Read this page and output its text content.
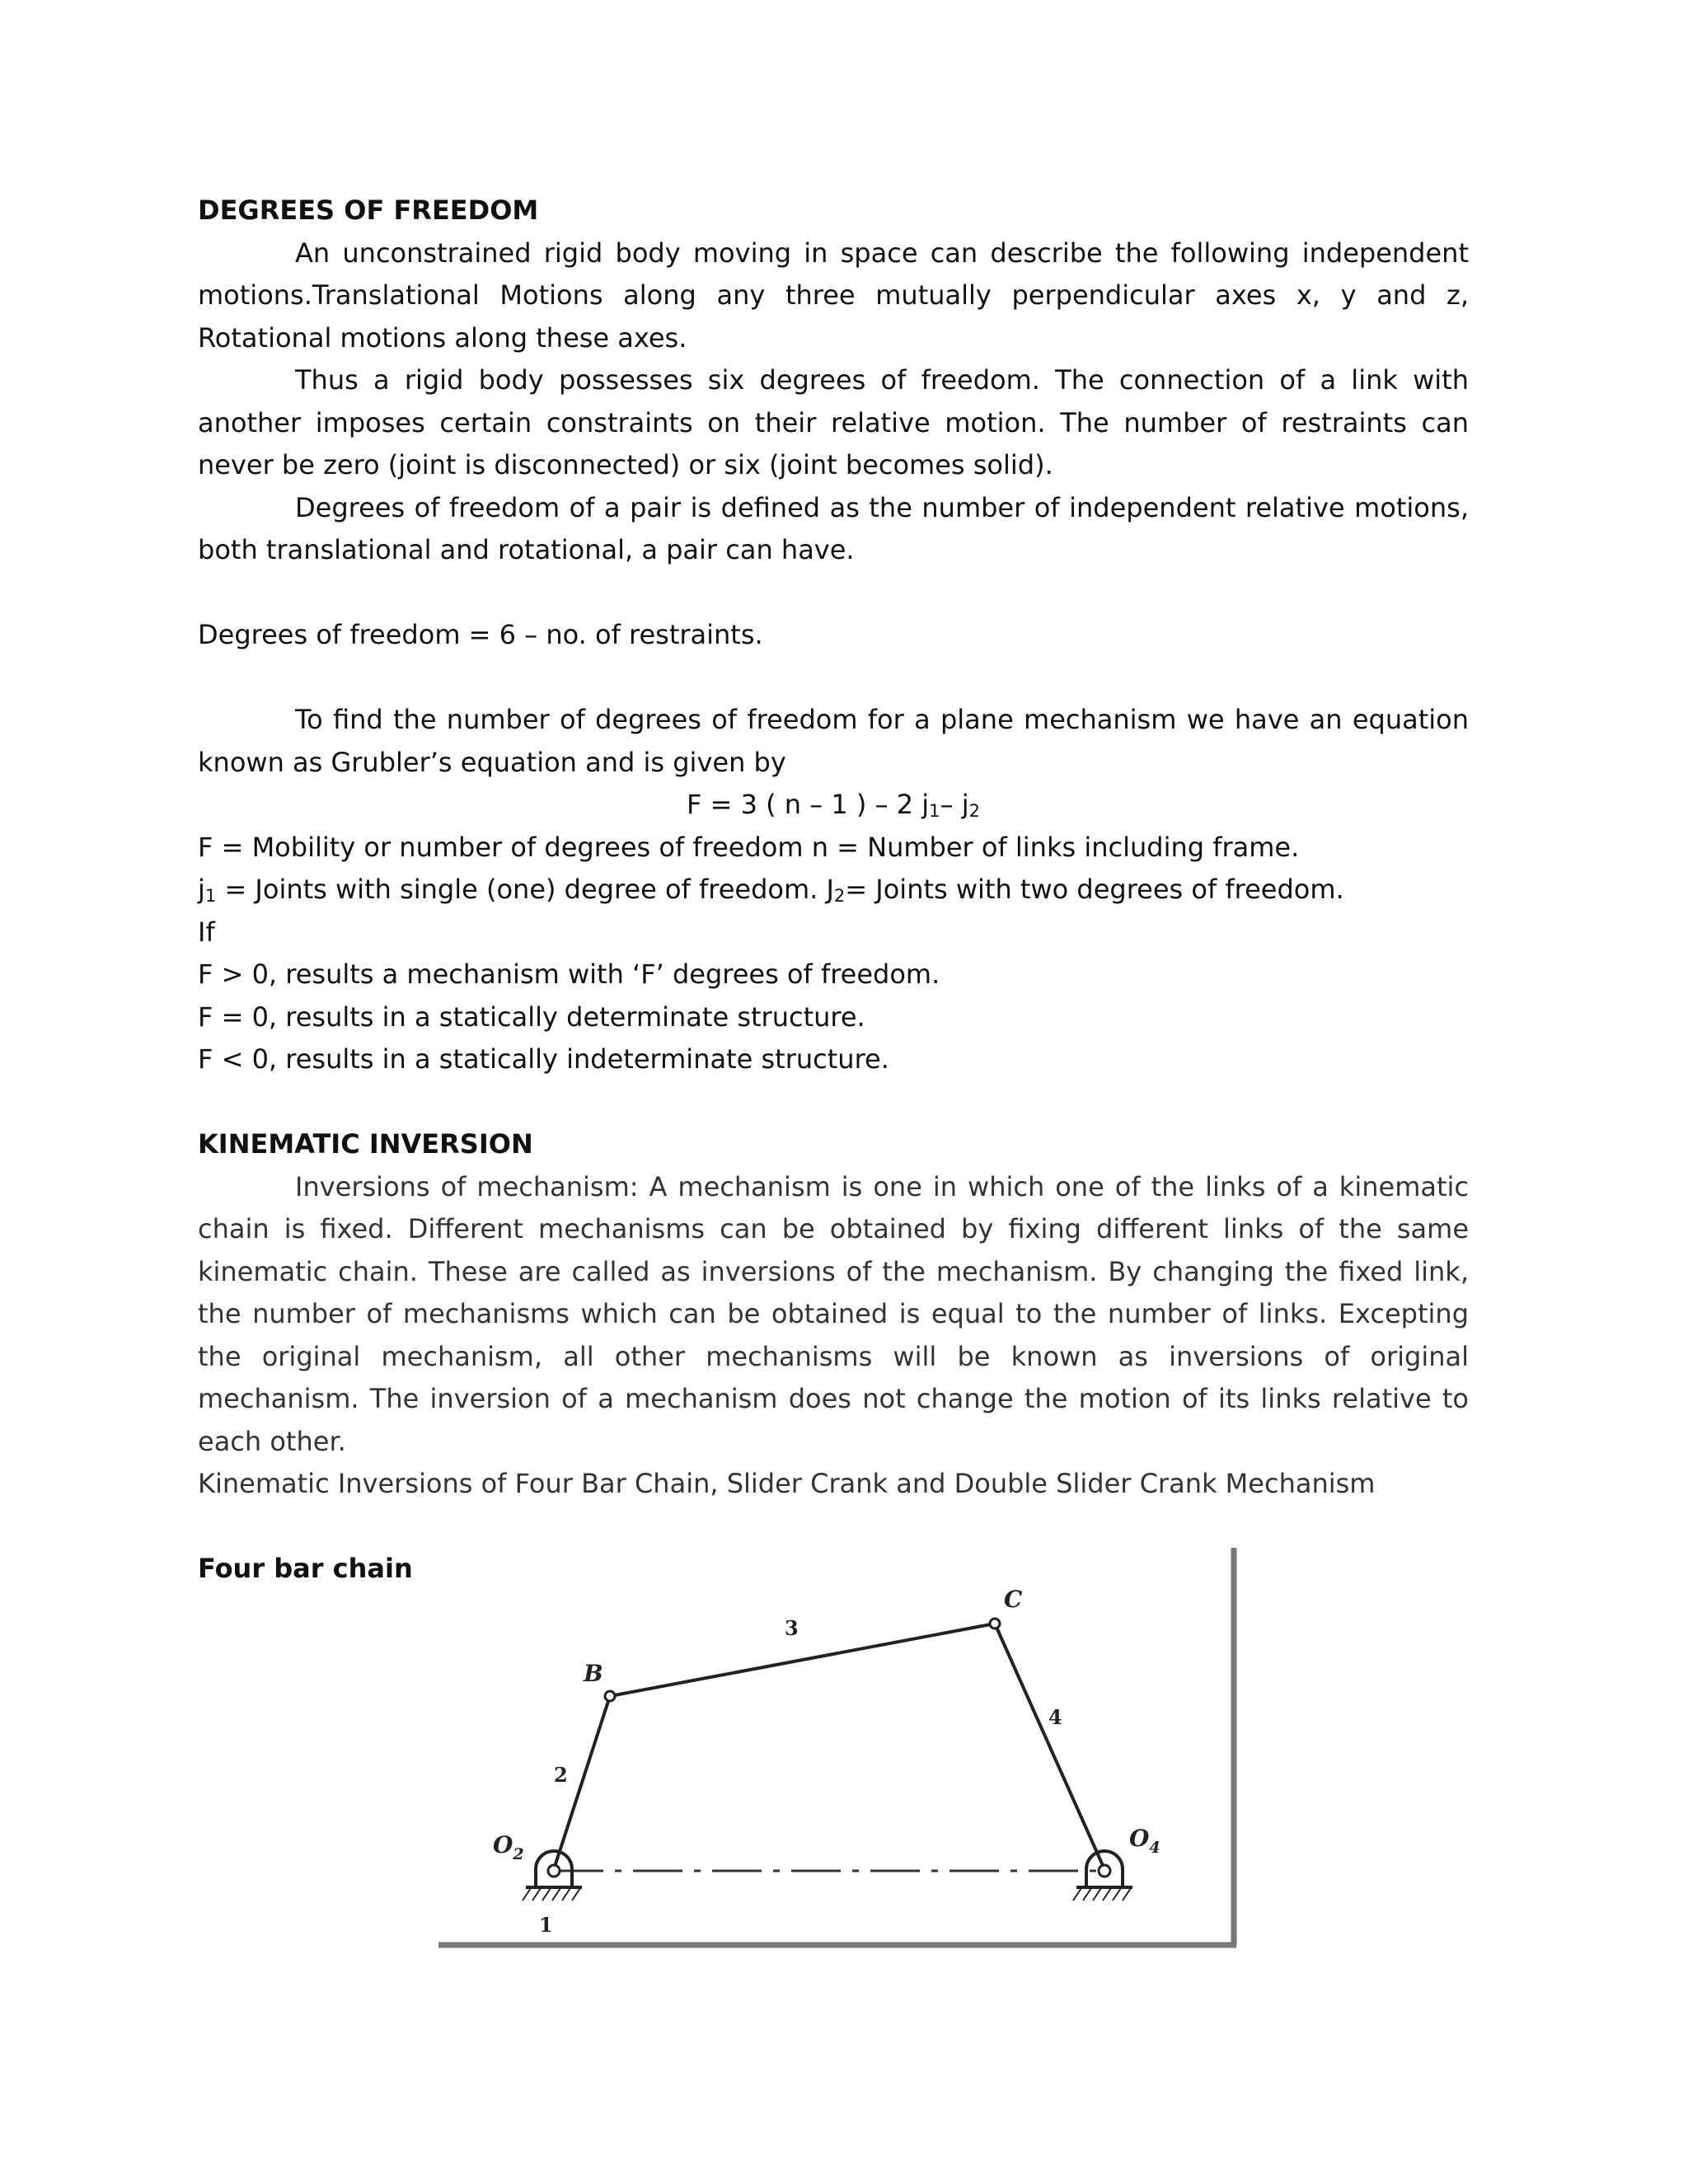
DEGREES OF FREEDOM

An unconstrained rigid body moving in space can describe the following independent motions.Translational Motions along any three mutually perpendicular axes x, y and z, Rotational motions along these axes.

Thus a rigid body possesses six degrees of freedom. The connection of a link with another imposes certain constraints on their relative motion. The number of restraints can never be zero (joint is disconnected) or six (joint becomes solid).

Degrees of freedom of a pair is defined as the number of independent relative motions, both translational and rotational, a pair can have.

Degrees of freedom = 6 – no. of restraints.

To find the number of degrees of freedom for a plane mechanism we have an equation known as Grubler’s equation and is given by

F = 3 ( n – 1 ) – 2 $j_1-$ $j_2$

F = Mobility or number of degrees of freedom n = Number of links including frame.

$j_1$ = Joints with single (one) degree of freedom. $J_2=$ Joints with two degrees of freedom.

If

F > 0, results a mechanism with ‘F’ degrees of freedom.

F = 0, results in a statically determinate structure.

F < 0, results in a statically indeterminate structure.

KINEMATIC INVERSION

Inversions of mechanism: A mechanism is one in which one of the links of a kinematic chain is fixed. Different mechanisms can be obtained by fixing different links of the same kinematic chain. These are called as inversions of the mechanism. By changing the fixed link, the number of mechanisms which can be obtained is equal to the number of links. Excepting the original mechanism, all other mechanisms will be known as inversions of original mechanism. The inversion of a mechanism does not change the motion of its links relative to each other.

Kinematic Inversions of Four Bar Chain, Slider Crank and Double Slider Crank Mechanism

Four bar chain

B
C
$O_2$
$O_4$
1
2
3
4
